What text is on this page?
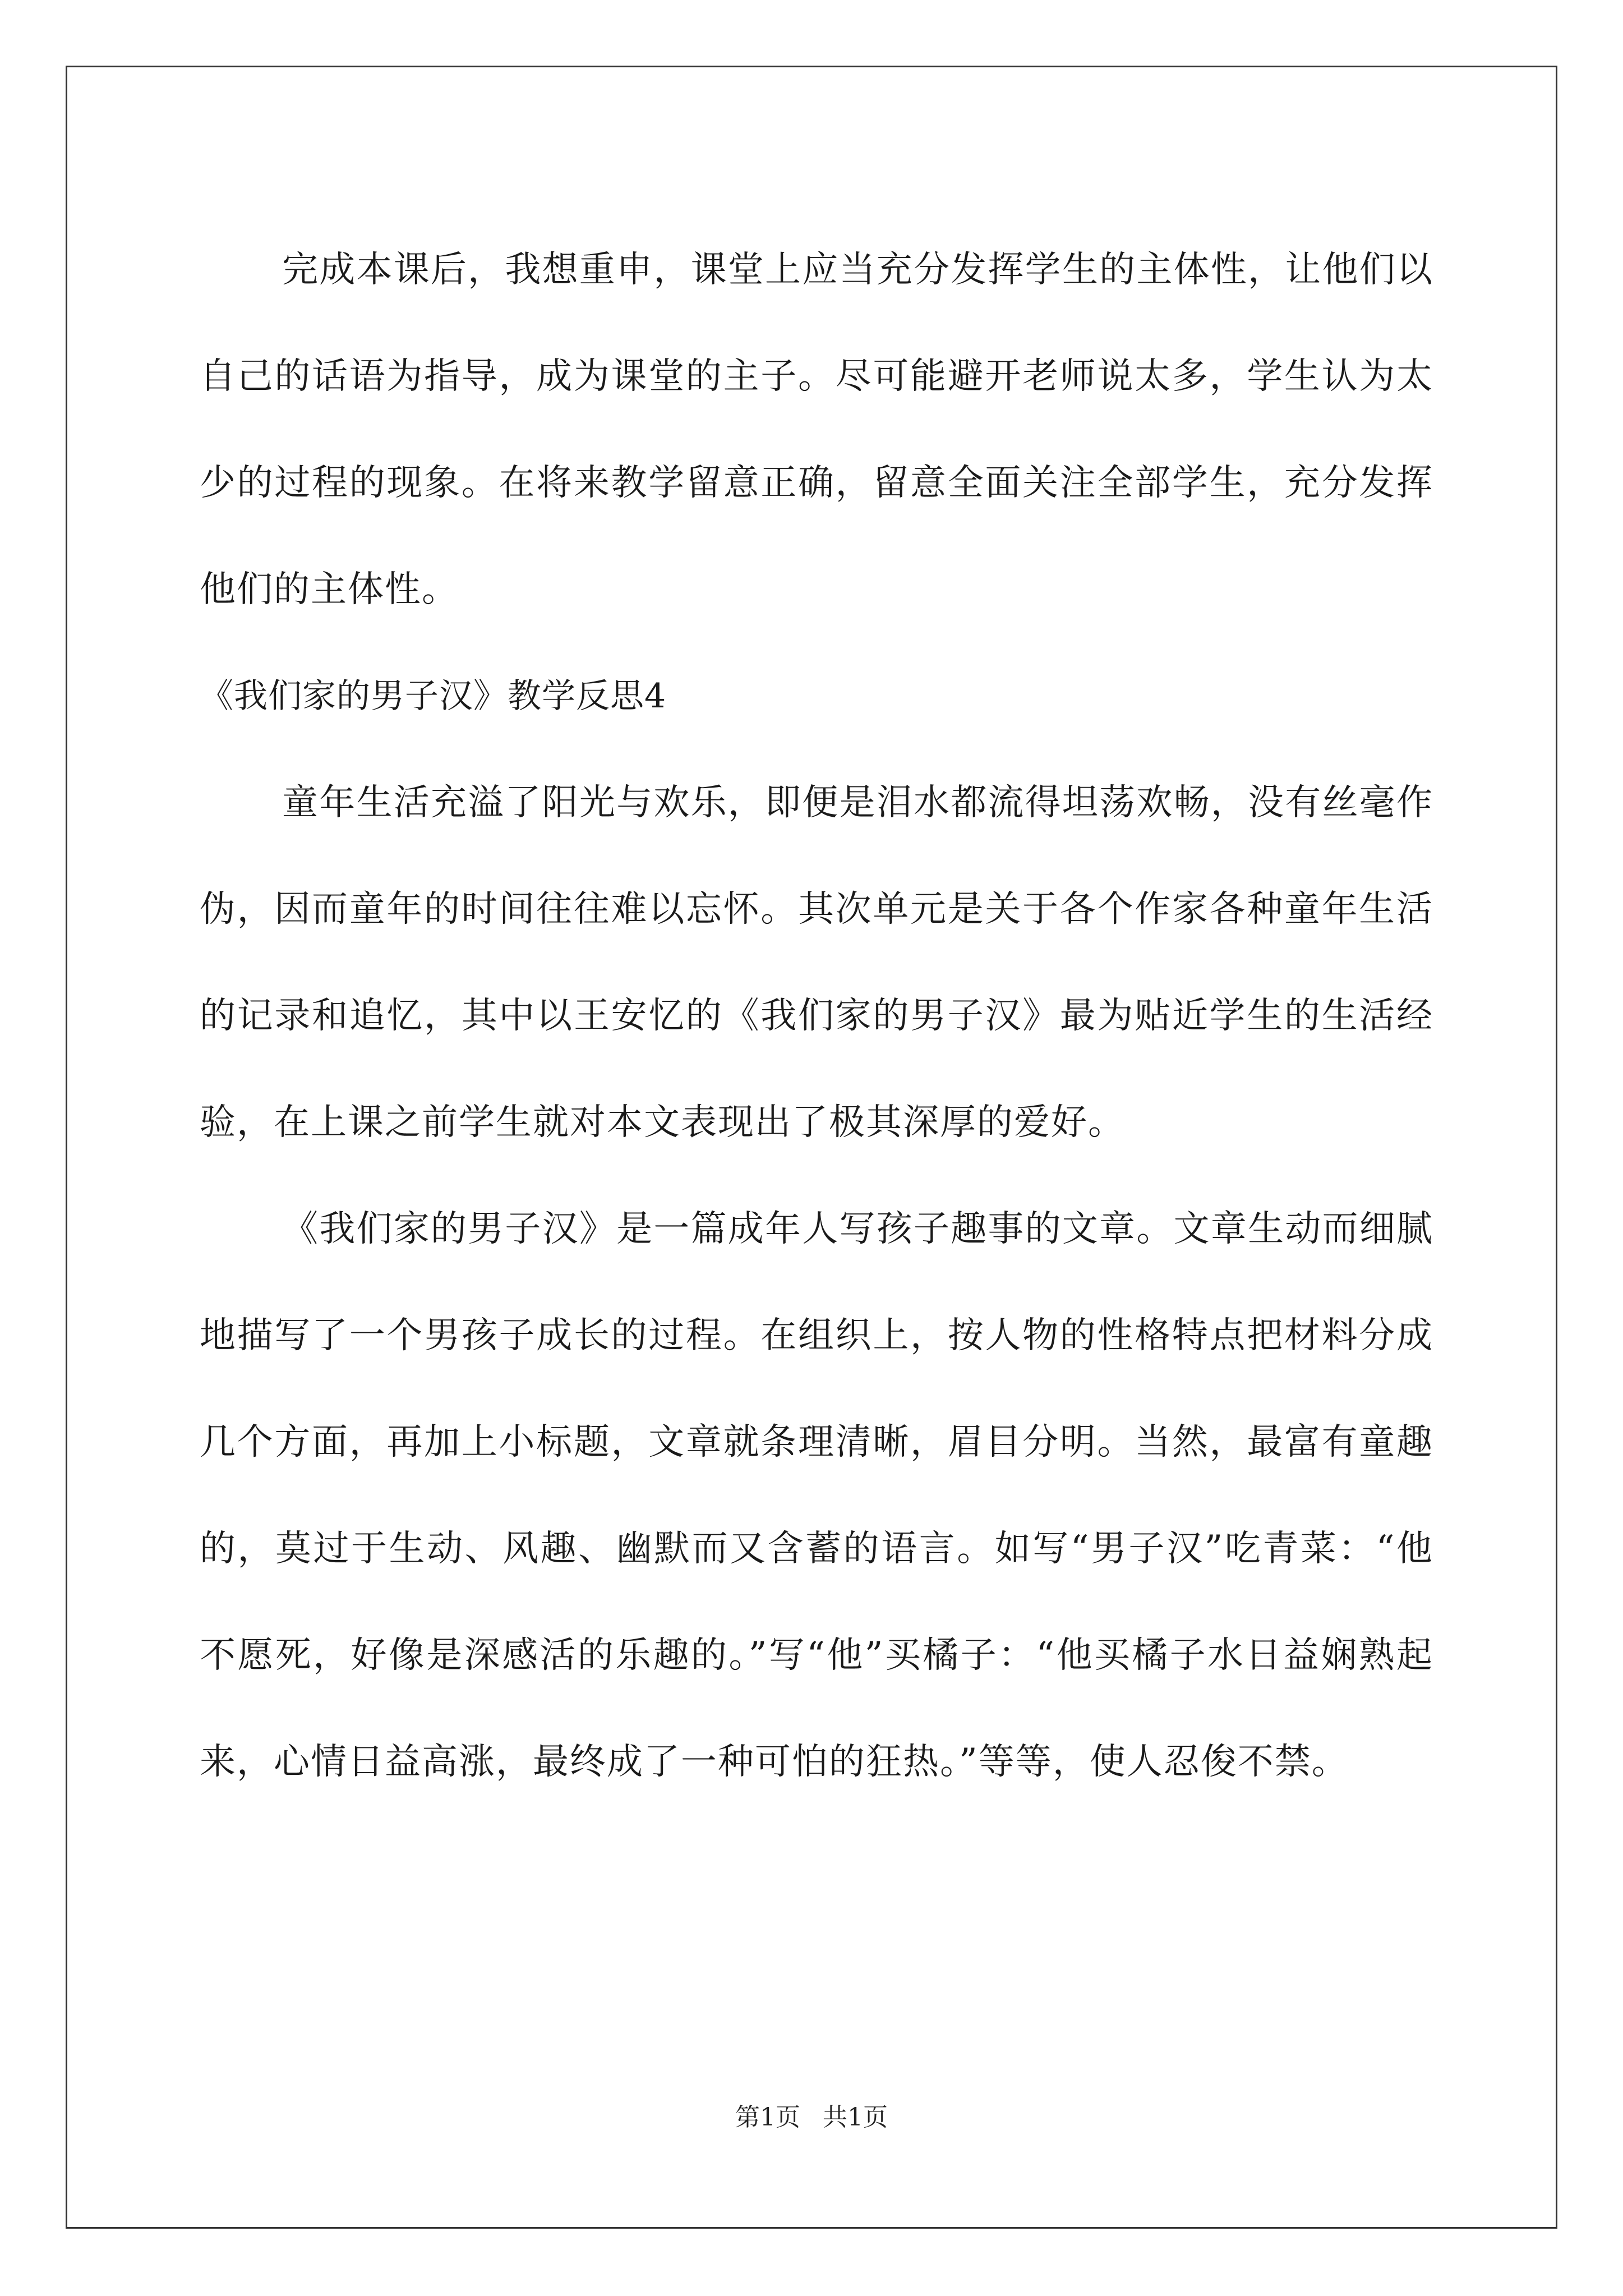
完成本课后，我想重申，课堂上应当充分发挥学生的主体性，让他们以自己的话语为指导，成为课堂的主子。尽可能避开老师说太多，学生认为太少的过程的现象。在将来教学留意正确，留意全面关注全部学生，充分发挥他们的主体性。

《我们家的男子汉》教学反思4

童年生活充溢了阳光与欢乐，即便是泪水都流得坦荡欢畅，没有丝毫作伪，因而童年的时间往往难以忘怀。其次单元是关于各个作家各种童年生活的记录和追忆，其中以王安忆的《我们家的男子汉》最为贴近学生的生活经验，在上课之前学生就对本文表现出了极其深厚的爱好。

《我们家的男子汉》是一篇成年人写孩子趣事的文章。文章生动而细腻地描写了一个男孩子成长的过程。在组织上，按人物的性格特点把材料分成几个方面，再加上小标题，文章就条理清晰，眉目分明。当然，最富有童趣的，莫过于生动、风趣、幽默而又含蓄的语言。如写“男子汉”吃青菜：“他不愿死，好像是深感活的乐趣的。”写“他”买橘子：“他买橘子水日益娴熟起来，心情日益高涨，最终成了一种可怕的狂热。”等等，使人忍俊不禁。

第1页 共1页
